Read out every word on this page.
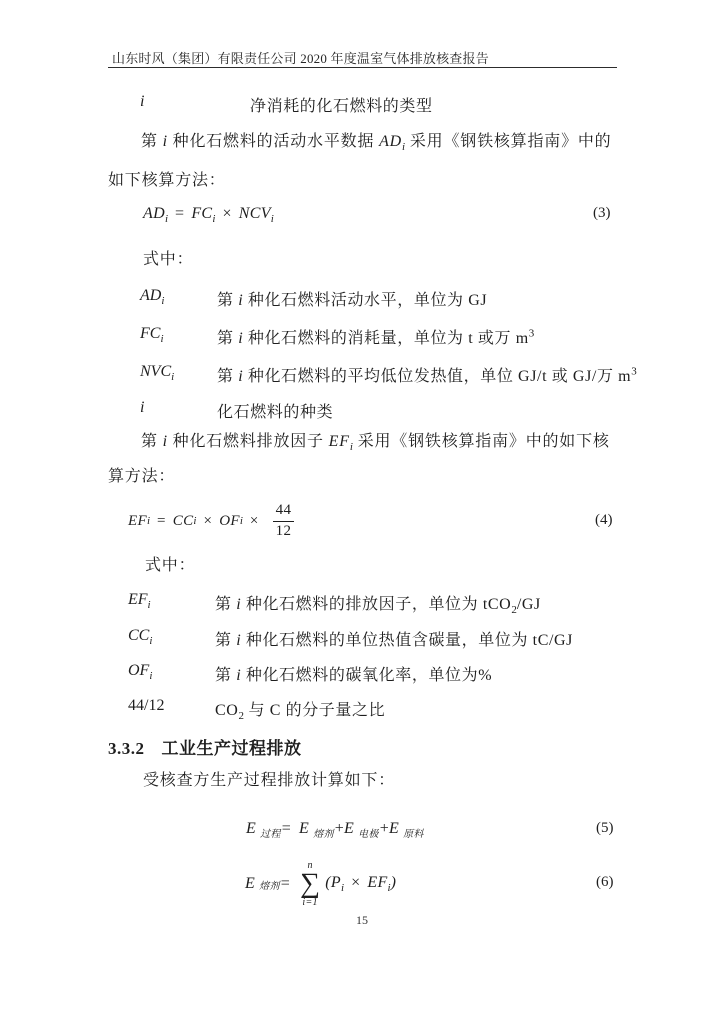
山东时风（集团）有限责任公司 2020 年度温室气体排放核查报告
i	净消耗的化石燃料的类型
第 i 种化石燃料的活动水平数据 $AD_i$ 采用《钢铁核算指南》中的
如下核算方法：
$AD_i = FC_i \times NCV_i$	(3)
式中：
$AD_i$	第 i 种化石燃料活动水平，单位为 GJ
$FC_i$	第 i 种化石燃料的消耗量，单位为 t 或万 $m^3$
$NVC_i$	第 i 种化石燃料的平均低位发热值，单位 GJ/t 或 GJ/万 $m^3$
i	化石燃料的种类
第 i 种化石燃料排放因子 $EF_i$ 采用《钢铁核算指南》中的如下核
算方法：
EF i = CC i × OF $i \times \frac{44}{12}$	(4)
式中：
$EF_i$	第 i 种化石燃料的排放因子，单位为 tCO$_2$/GJ
$CC_i$	第 i 种化石燃料的单位热值含碳量，单位为 tC/GJ
$OF_i$	第 i 种化石燃料的碳氧化率，单位为%
44/12	$CO_2$ 与 C 的分子量之比
3.3.2 工业生产过程排放
受核查方生产过程排放计算如下：
E $_{过程}$= E $_{熔剂}$+E $_{电极}$+E $_{原料}$	(5)
E 熔剂 =
n
∑
i=1
$(P_i \times EF_i)$	(6)
15
